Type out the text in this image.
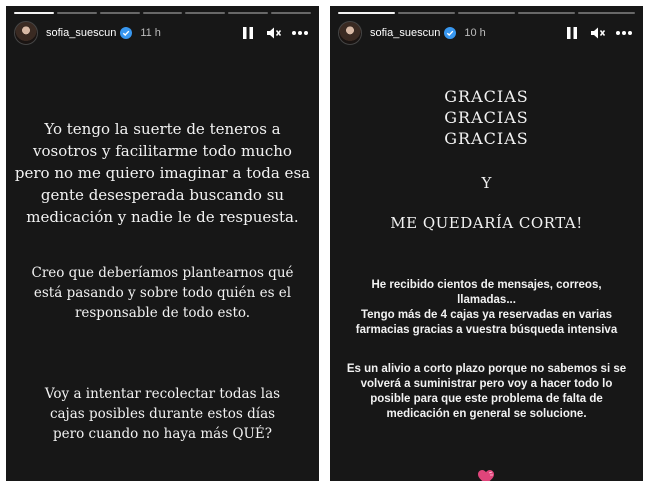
sofia_suescun 11 h
Yo tengo la suerte de teneros a
vosotros y facilitarme todo mucho
pero no me quiero imaginar a toda esa
gente desesperada buscando su
medicación y nadie le de respuesta.
Creo que deberíamos plantearnos qué
está pasando y sobre todo quién es el
responsable de todo esto.
Voy a intentar recolectar todas las
cajas posibles durante estos días
pero cuando no haya más QUÉ?
sofia_suescun 10 h
GRACIAS
GRACIAS
GRACIAS
Y
ME QUEDARÍA CORTA!
He recibido cientos de mensajes, correos,
llamadas...
Tengo más de 4 cajas ya reservadas en varias
farmacias gracias a vuestra búsqueda intensiva
Es un alivio a corto plazo porque no sabemos si se
volverá a suministrar pero voy a hacer todo lo
posible para que este problema de falta de
medicación en general se solucione.
